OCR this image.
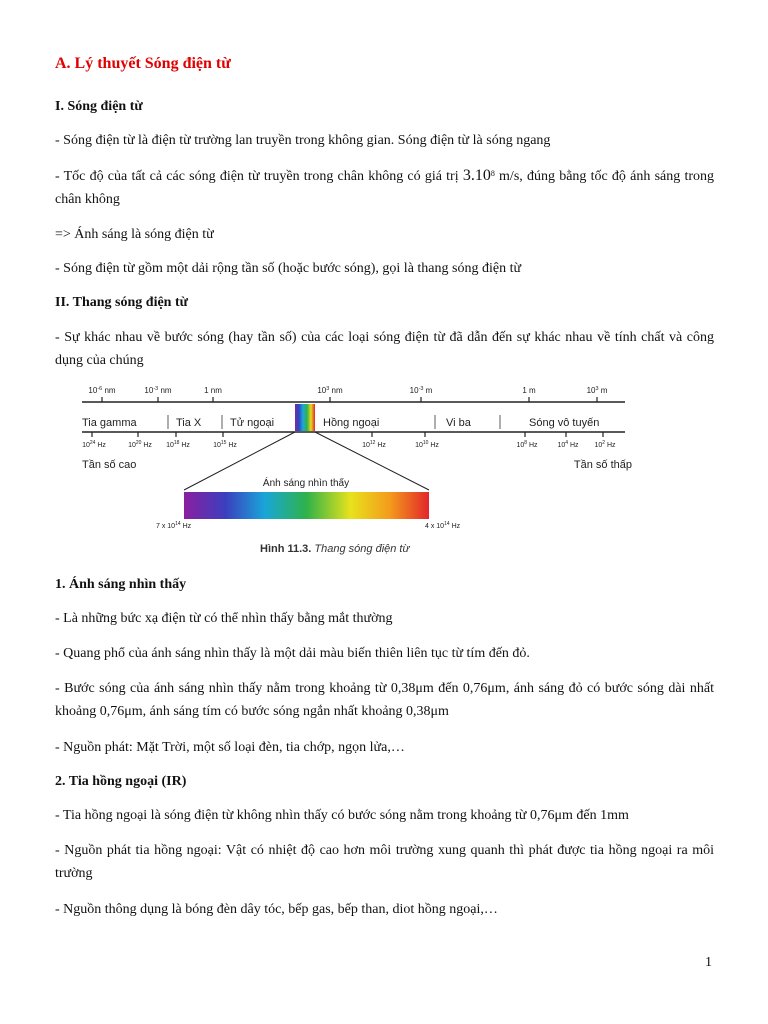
A. Lý thuyết Sóng điện từ
I. Sóng điện từ
- Sóng điện từ là điện từ trường lan truyền trong không gian. Sóng điện từ là sóng ngang
- Tốc độ của tất cả các sóng điện từ truyền trong chân không có giá trị 3.10$^8$ m/s, đúng bằng tốc độ ánh sáng trong chân không
=> Ánh sáng là sóng điện từ
- Sóng điện từ gồm một dải rộng tần số (hoặc bước sóng), gọi là thang sóng điện từ
II. Thang sóng điện từ
- Sự khác nhau về bước sóng (hay tần số) của các loại sóng điện từ đã dẫn đến sự khác nhau về tính chất và công dụng của chúng
$10^{-6}$ nm	$10^{-3}$ nm	1 nm	$10^3$ nm	$10^{-3}$ m	1 m	$10^3$ m
Tia gamma	Tia X	Tử ngoại	Hồng ngoại	Vi ba	Sóng vô tuyến
$10^{24}$ Hz	$10^{20}$ Hz $10^{18}$ Hz	$10^{15}$ Hz	$10^{12}$ Hz	$10^{10}$ Hz	$10^8$ Hz	$10^4$ Hz $10^2$ Hz
Tần số cao	Tần số thấp
Ánh sáng nhìn thấy
7 x $10^{14}$ Hz	4 x $10^{14}$ Hz
Hình 11.3. Thang sóng điện từ
1. Ánh sáng nhìn thấy
- Là những bức xạ điện từ có thể nhìn thấy bằng mắt thường
- Quang phổ của ánh sáng nhìn thấy là một dải màu biến thiên liên tục từ tím đến đỏ.
- Bước sóng của ánh sáng nhìn thấy nằm trong khoảng từ 0,38μm đến 0,76μm, ánh sáng đỏ có bước sóng dài nhất khoảng 0,76μm, ánh sáng tím có bước sóng ngắn nhất khoảng 0,38μm
- Nguồn phát: Mặt Trời, một số loại đèn, tia chớp, ngọn lửa,…
2. Tia hồng ngoại (IR)
- Tia hồng ngoại là sóng điện từ không nhìn thấy có bước sóng nằm trong khoảng từ 0,76μm đến 1mm
- Nguồn phát tia hồng ngoại: Vật có nhiệt độ cao hơn môi trường xung quanh thì phát được tia hồng ngoại ra môi trường
- Nguồn thông dụng là bóng đèn dây tóc, bếp gas, bếp than, diot hồng ngoại,…
1
